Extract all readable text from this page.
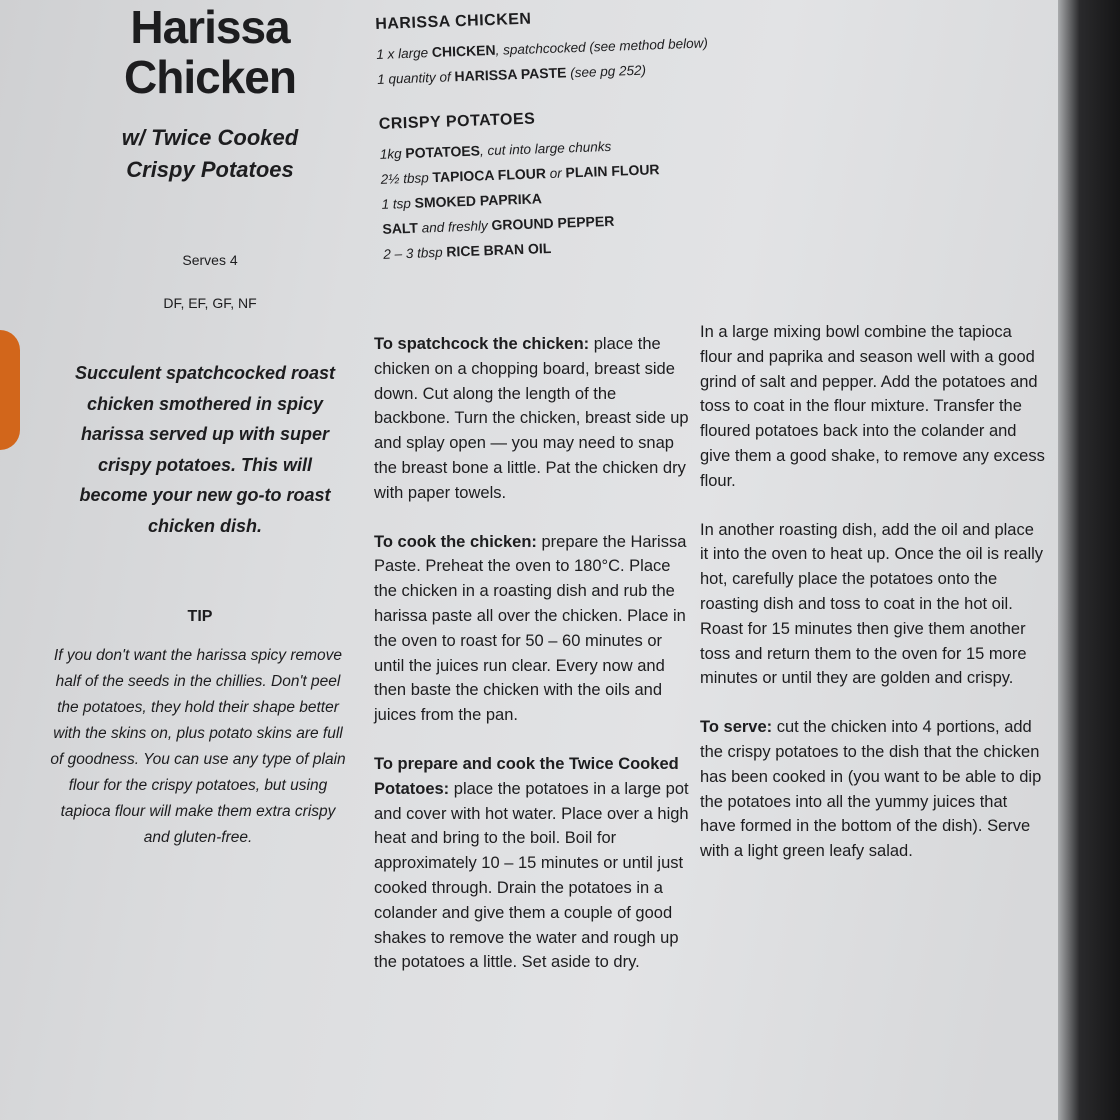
Harissa
Chicken
w/ Twice Cooked
Crispy Potatoes
Serves 4
DF, EF, GF, NF
Succulent spatchcocked roast chicken smothered in spicy harissa served up with super crispy potatoes. This will become your new go-to roast chicken dish.
TIP
If you don't want the harissa spicy remove half of the seeds in the chillies. Don't peel the potatoes, they hold their shape better with the skins on, plus potato skins are full of goodness. You can use any type of plain flour for the crispy potatoes, but using tapioca flour will make them extra crispy and gluten-free.
HARISSA CHICKEN
1 x large CHICKEN, spatchcocked (see method below)
1 quantity of HARISSA PASTE (see pg 252)
CRISPY POTATOES
1kg POTATOES, cut into large chunks
2½ tbsp TAPIOCA FLOUR or PLAIN FLOUR
1 tsp SMOKED PAPRIKA
SALT and freshly GROUND PEPPER
2 – 3 tbsp RICE BRAN OIL

To spatchcock the chicken: place the chicken on a chopping board, breast side down. Cut along the length of the backbone. Turn the chicken, breast side up and splay open — you may need to snap the breast bone a little. Pat the chicken dry with paper towels.

To cook the chicken: prepare the Harissa Paste. Preheat the oven to 180°C. Place the chicken in a roasting dish and rub the harissa paste all over the chicken. Place in the oven to roast for 50 – 60 minutes or until the juices run clear. Every now and then baste the chicken with the oils and juices from the pan.

To prepare and cook the Twice Cooked Potatoes: place the potatoes in a large pot and cover with hot water. Place over a high heat and bring to the boil. Boil for approximately 10 – 15 minutes or until just cooked through. Drain the potatoes in a colander and give them a couple of good shakes to remove the water and rough up the potatoes a little. Set aside to dry.

In a large mixing bowl combine the tapioca flour and paprika and season well with a good grind of salt and pepper. Add the potatoes and toss to coat in the flour mixture. Transfer the floured potatoes back into the colander and give them a good shake, to remove any excess flour.

In another roasting dish, add the oil and place it into the oven to heat up. Once the oil is really hot, carefully place the potatoes onto the roasting dish and toss to coat in the hot oil. Roast for 15 minutes then give them another toss and return them to the oven for 15 more minutes or until they are golden and crispy.

To serve: cut the chicken into 4 portions, add the crispy potatoes to the dish that the chicken has been cooked in (you want to be able to dip the potatoes into all the yummy juices that have formed in the bottom of the dish). Serve with a light green leafy salad.
